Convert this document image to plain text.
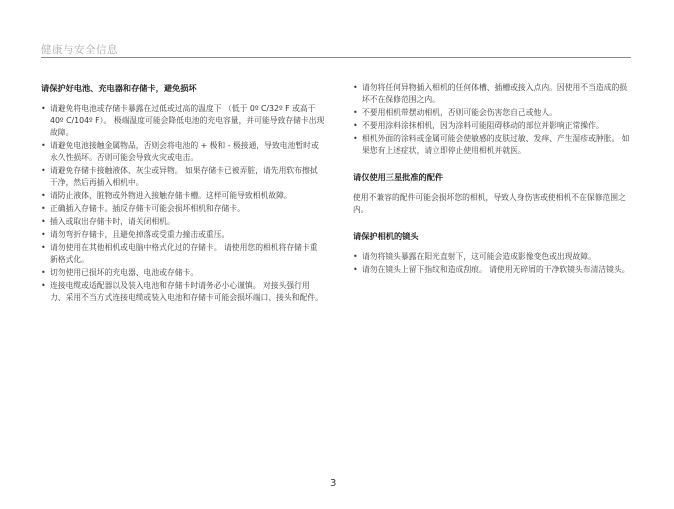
健康与安全信息
请保护好电池、充电器和存储卡，避免损坏
• 请避免将电池或存储卡暴露在过低或过高的温度下 （低于 0º C/32º F 或高于 40º C/104º F）。 极端温度可能会降低电池的充电容量，并可能导致存储卡出现故障。
• 请避免电池接触金属物品，否则会将电池的 + 极和 - 极接通，导致电池暂时或永久性损坏。否则可能会导致火灾或电击。
• 请避免存储卡接触液体、灰尘或异物。 如果存储卡已被弄脏，请先用软布擦拭干净，然后再插入相机中。
• 请防止液体，脏物或外物进入接触存储卡槽。这样可能导致相机故障。
• 正确插入存储卡。插反存储卡可能会损坏相机和存储卡。
• 插入或取出存储卡时，请关闭相机。
• 请勿弯折存储卡，且避免掉落或受重力撞击或重压。
• 请勿使用在其他相机或电脑中格式化过的存储卡。 请使用您的相机将存储卡重新格式化。
• 切勿使用已损坏的充电器、电池或存储卡。
• 连接电缆或适配器以及装入电池和存储卡时请务必小心谨慎。 对接头强行用力、采用不当方式连接电缆或装入电池和存储卡可能会损坏端口、接头和配件。
• 请勿将任何异物插入相机的任何体槽、插槽或接入点内。因使用不当造成的损坏不在保修范围之内。
• 不要用相机带摆动相机，否则可能会伤害您自己或他人。
• 不要用涂料涂抹相机，因为涂料可能阻碍移动的部位并影响正常操作。
• 相机外面的涂料或金属可能会使敏感的皮肤过敏、发痒、产生湿疹或肿胀。 如果您有上述症状，请立即停止使用相机并就医。
请仅使用三星批准的配件

使用不兼容的配件可能会损坏您的相机，导致人身伤害或使相机不在保修范围之内。

请保护相机的镜头
• 请勿将镜头暴露在阳光直射下，这可能会造成影像变色或出现故障。
• 请勿在镜头上留下指纹和造成刮痕。 请使用无碎屑的干净软镜头布清洁镜头。
3
